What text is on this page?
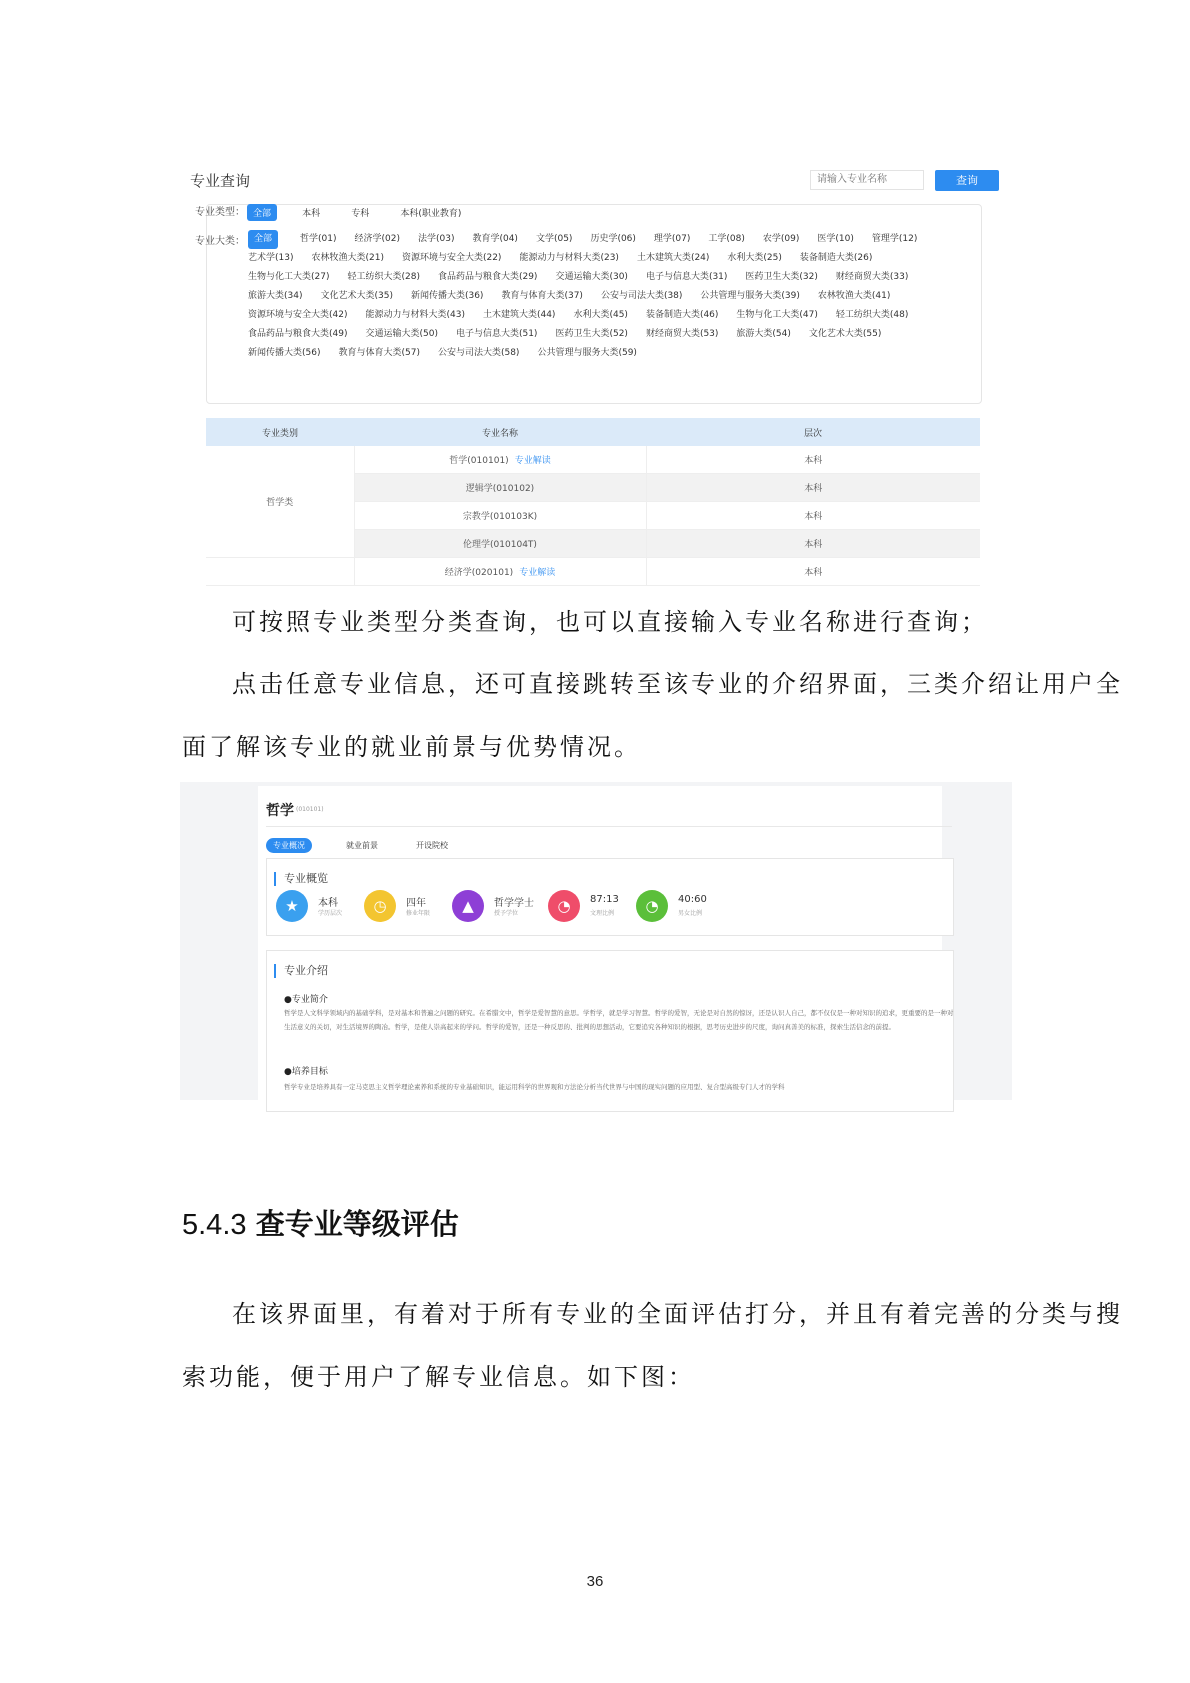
专业查询
请输入专业名称	查询
专业类型： 全部	本科	专科	本科(职业教育)
专业大类：	全部	哲学(01) 经济学(02) 法学(03) 教育学(04) 文学(05) 历史学(06) 理学(07) 工学(08) 农学(09) 医学(10) 管理学(12)艺术学(13) 农林牧渔大类(21) 资源环境与安全大类(22) 能源动力与材料大类(23) 土木建筑大类(24) 水利大类(25) 装备制造大类(26)生物与化工大类(27) 轻工纺织大类(28) 食品药品与粮食大类(29) 交通运输大类(30) 电子与信息大类(31) 医药卫生大类(32) 财经商贸大类(33)旅游大类(34) 文化艺术大类(35) 新闻传播大类(36) 教育与体育大类(37) 公安与司法大类(38) 公共管理与服务大类(39) 农林牧渔大类(41)资源环境与安全大类(42) 能源动力与材料大类(43) 土木建筑大类(44) 水利大类(45) 装备制造大类(46) 生物与化工大类(47) 轻工纺织大类(48)食品药品与粮食大类(49) 交通运输大类(50) 电子与信息大类(51) 医药卫生大类(52) 财经商贸大类(53) 旅游大类(54) 文化艺术大类(55)新闻传播大类(56) 教育与体育大类(57) 公安与司法大类(58) 公共管理与服务大类(59)
专业类别	专业名称	层次
哲学类	哲学(010101) 专业解读	本科
	逻辑学(010102)	本科
	宗教学(010103K)	本科
	伦理学(010104T)	本科
	经济学(020101) 专业解读	本科
可按照专业类型分类查询，也可以直接输入专业名称进行查询；
点击任意专业信息，还可直接跳转至该专业的介绍界面，三类介绍让用户全
面了解该专业的就业前景与优势情况。
哲学 (010101)
专业概况	就业前景	开设院校
专业概览
专业介绍
●专业简介
哲学是人文科学领域内的基础学科，是对基本和普遍之问题的研究。在希腊文中，哲学是爱智慧的意思。学哲学，就是学习智慧。哲学的爱智，无论是对自然的惊讶，还是认识人自己，都不仅仅是一种对知识的追求，更重要的是一种对生活意义的关切，对生活境界的陶冶。哲学，是使人崇高起来的学问。哲学的爱智，还是一种反思的、批判的思想活动，它要追究各种知识的根据，思考历史进步的尺度，询问真善美的标准，探索生活信念的前提。
●培养目标
哲学专业是培养具有一定马克思主义哲学理论素养和系统的专业基础知识，能运用科学的世界观和方法论分析当代世界与中国的现实问题的应用型、复合型高级专门人才的学科
★	本科
学历层次	◷	四年
修业年限	▲	哲学学士
授予学位	◔	87:13
文理比例	◔	40:60
男女比例
5.4.3 查专业等级评估
在该界面里，有着对于所有专业的全面评估打分，并且有着完善的分类与搜
索功能，便于用户了解专业信息。如下图：
36
